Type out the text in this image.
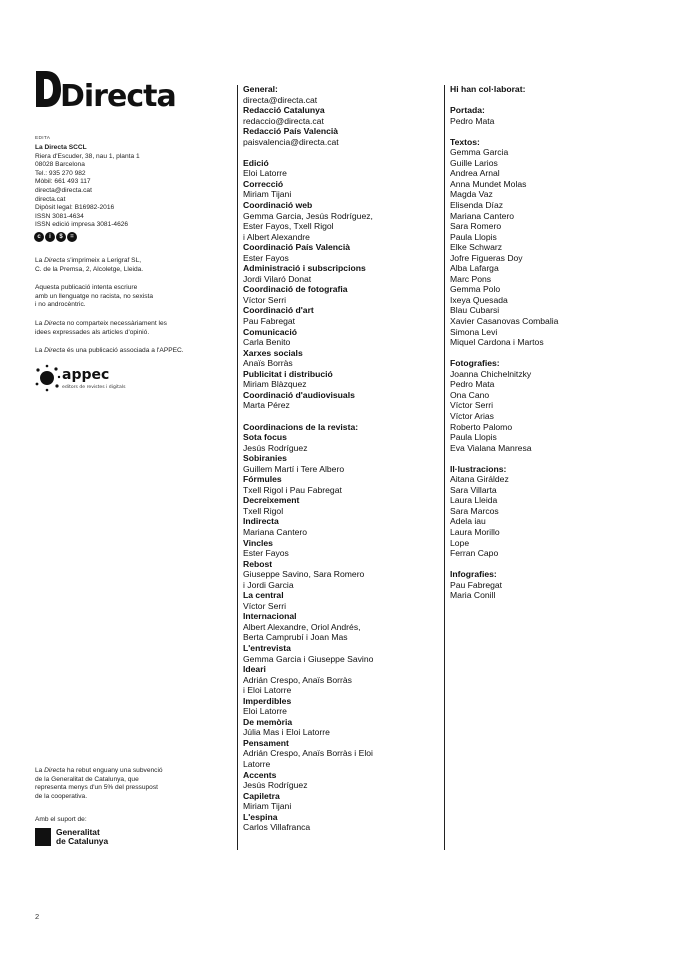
Directa
EDITA
La Directa SCCL
Riera d'Escuder, 38, nau 1, planta 1
08028 Barcelona
Tel.: 935 270 982
Mòbil: 661 493 117
directa@directa.cat
directa.cat
Dipòsit legal: B16982-2016
ISSN 3081-4634
ISSN edició impresa 3081-4626
c	i	$	=
La Directa s'imprimeix a Lerigraf SL,
C. de la Premsa, 2, Alcoletge, Lleida.
Aquesta publicació intenta escriure
amb un llenguatge no racista, no sexista
i no androcèntric.
La Directa no comparteix necessàriament les
idees expressades als articles d'opinió.
La Directa és una publicació associada a l'APPEC.
appec
editors de revistes i digitals
La Directa ha rebut enguany una subvenció
de la Generalitat de Catalunya, que
representa menys d'un 5% del pressupost
de la cooperativa.
Amb el suport de:
Generalitat
de Catalunya
2
General:
directa@directa.cat
Redacció Catalunya
redaccio@directa.cat
Redacció País Valencià
paisvalencia@directa.cat
Edició
Eloi Latorre
Correcció
Miriam Tijani
Coordinació web
Gemma Garcia, Jesús Rodríguez,
Ester Fayos, Txell Rigol
i Albert Alexandre
Coordinació País Valencià
Ester Fayos
Administració i subscripcions
Jordi Vilaró Donat
Coordinació de fotografia
Víctor Serri
Coordinació d'art
Pau Fabregat
Comunicació
Carla Benito
Xarxes socials
Anaïs Borràs
Publicitat i distribució
Miriam Blàzquez
Coordinació d'audiovisuals
Marta Pérez
Coordinacions de la revista:
Sota focus
Jesús Rodríguez
Sobiranies
Guillem Martí i Tere Albero
Fórmules
Txell Rigol i Pau Fabregat
Decreixement
Txell Rigol
Indirecta
Mariana Cantero
Vincles
Ester Fayos
Rebost
Giuseppe Savino, Sara Romero
i Jordi Garcia
La central
Víctor Serri
Internacional
Albert Alexandre, Oriol Andrés,
Berta Camprubí i Joan Mas
L'entrevista
Gemma Garcia i Giuseppe Savino
Ideari
Adrián Crespo, Anaïs Borràs
i Eloi Latorre
Imperdibles
Eloi Latorre
De memòria
Júlia Mas i Eloi Latorre
Pensament
Adrián Crespo, Anaïs Borràs i Eloi
Latorre
Accents
Jesús Rodríguez
Capiletra
Miriam Tijani
L'espina
Carlos Villafranca
Hi han col·laborat:
Portada:
Pedro Mata
Textos:
Gemma Garcia
Guille Larios
Andrea Arnal
Anna Mundet Molas
Magda Vaz
Elisenda Díaz
Mariana Cantero
Sara Romero
Paula Llopis
Elke Schwarz
Jofre Figueras Doy
Alba Lafarga
Marc Pons
Gemma Polo
Ixeya Quesada
Blau Cubarsi
Xavier Casanovas Combalia
Simona Levi
Miquel Cardona i Martos
Fotografies:
Joanna Chichelnitzky
Pedro Mata
Ona Cano
Víctor Serri
Víctor Arias
Roberto Palomo
Paula Llopis
Eva Vialana Manresa
Il·lustracions:
Aitana Giráldez
Sara Villarta
Laura Lleida
Sara Marcos
Adela iau
Laura Morillo
Lope
Ferran Capo
Infografies:
Pau Fabregat
Maria Conill
